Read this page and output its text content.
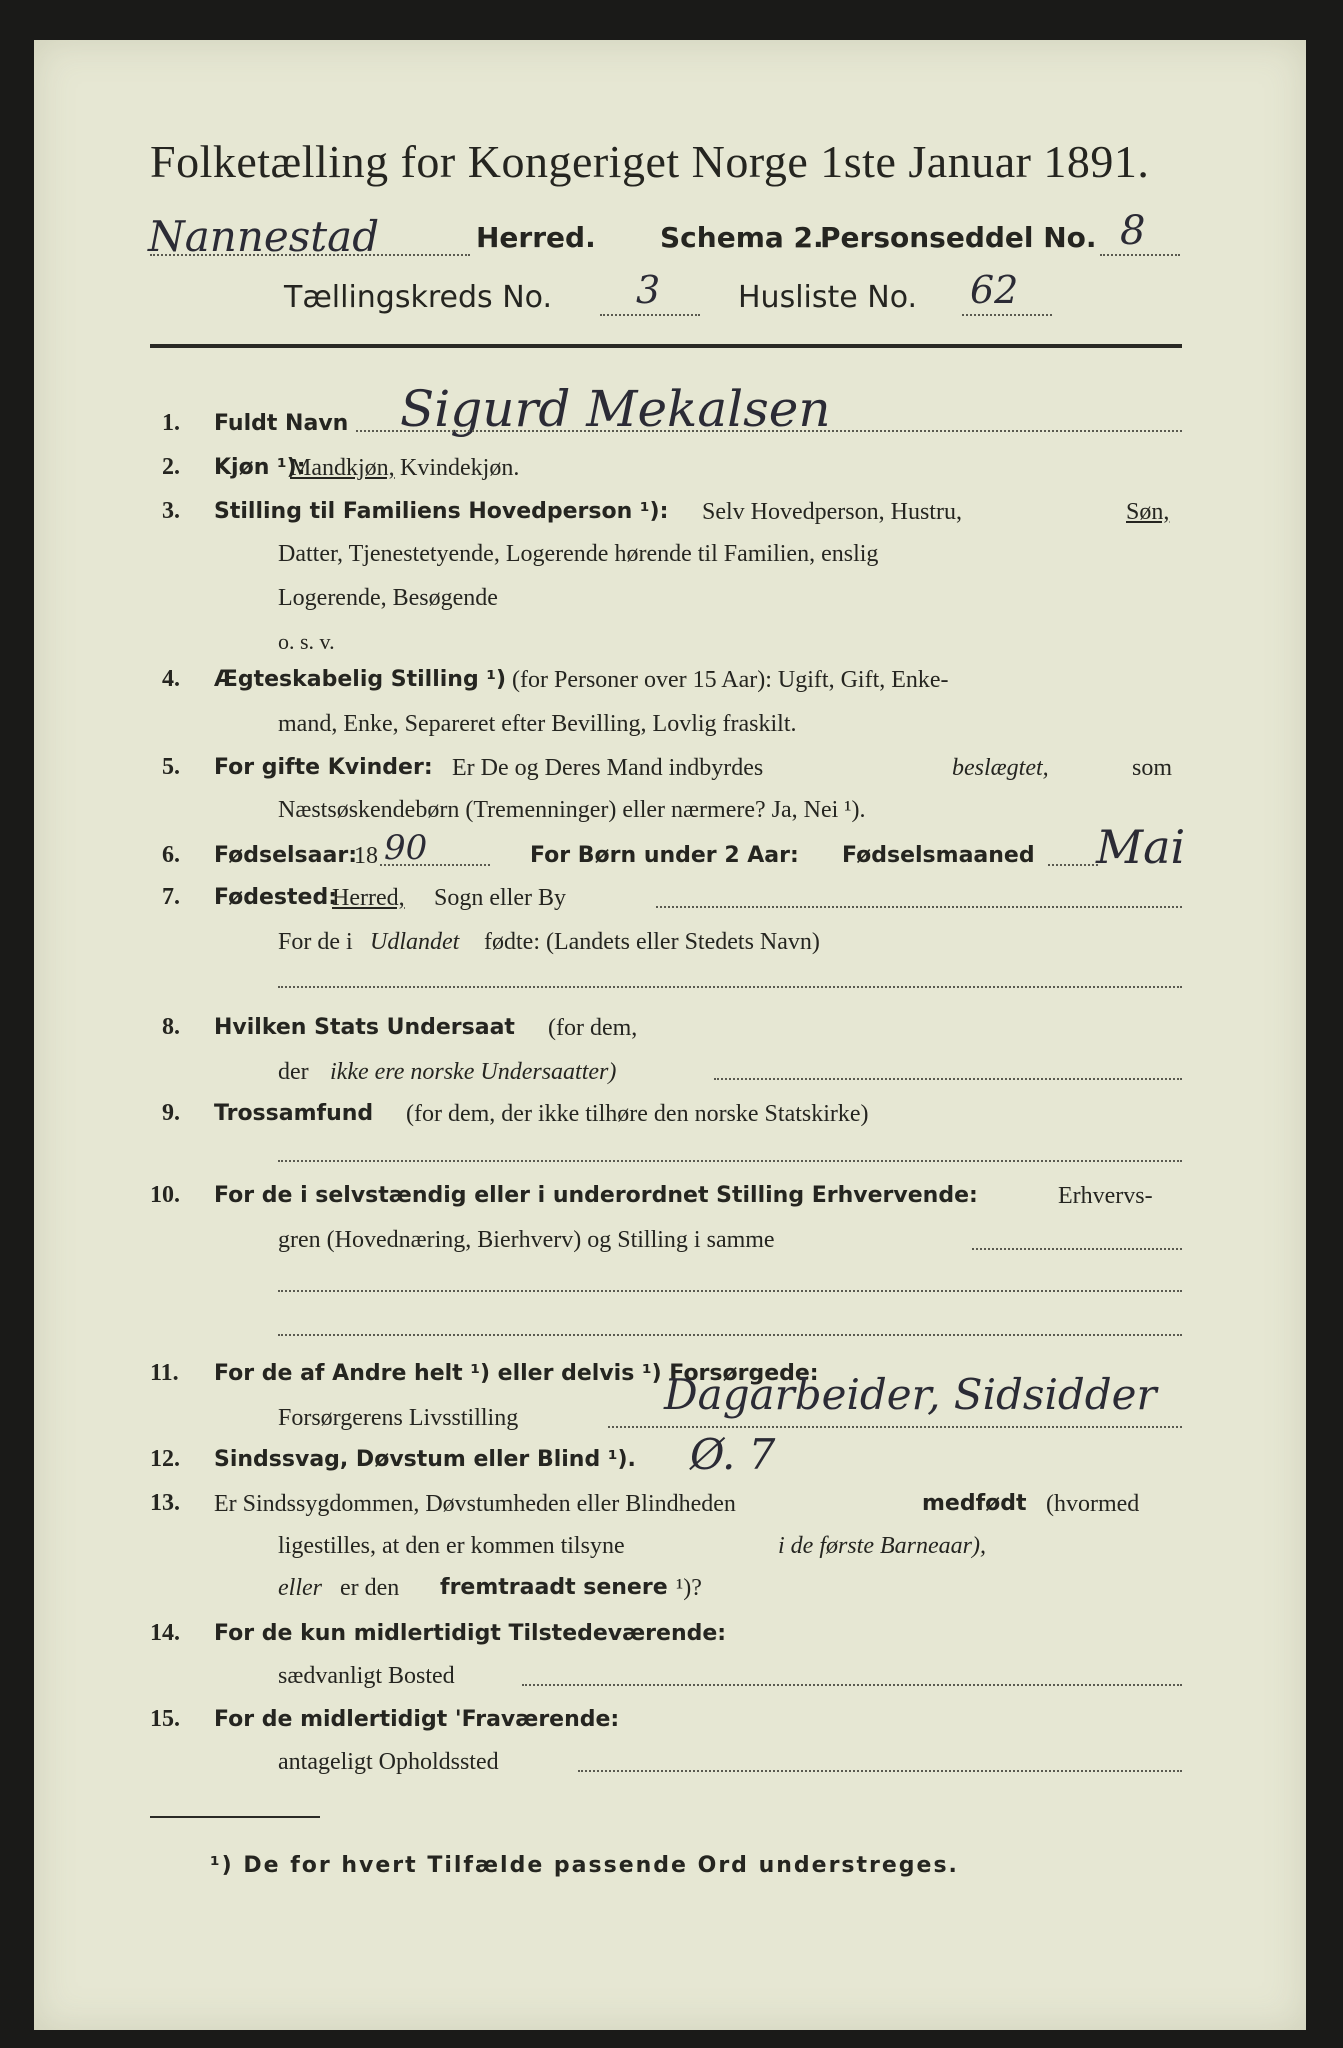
Folketælling for Kongeriget Norge 1ste Januar 1891.
Nannestad	Herred. Schema 2.
Personseddel No. 8
Tællingskreds No. 3	Husliste No. 62
1. Fuldt Navn Sigurd Mekalsen
2. Kjøn ¹):
Mandkjøn, Kvindekjøn.
3. Stilling til Familiens Hovedperson ¹): Selv Hovedperson, Hustru,	Søn,
Datter, Tjenestetyende, Logerende hørende til Familien, enslig
Logerende, Besøgende
o. s. v.
4. Ægteskabelig Stilling ¹) (for Personer over 15 Aar): Ugift, Gift, Enke-
mand, Enke, Separeret efter Bevilling, Lovlig fraskilt.
5. For gifte Kvinder: Er De og Deres Mand indbyrdes	beslægtet,	som
Næstsøskendebørn (Tremenninger) eller nærmere? Ja, Nei ¹).
6. Fødselsaar:
18 90	For Børn under 2 Aar: Fødselsmaaned Mai
7. Fødested:
Herred, Sogn eller By
For de i Udlandet fødte: (Landets eller Stedets Navn)
8. Hvilken Stats Undersaat (for dem,
der ikke ere norske Undersaatter)
9. Trossamfund (for dem, der ikke tilhøre den norske Statskirke)
10. For de i selvstændig eller i underordnet Stilling Erhvervende:	Erhvervs-
gren (Hovednæring, Bierhverv) og Stilling i samme
11. For de af Andre helt ¹) eller delvis ¹) Forsørgede:
Forsørgerens Livsstilling	Dagarbeider, Sidsidder
12. Sindssvag, Døvstum eller Blind ¹). Ø. 7
13. Er Sindssygdommen, Døvstumheden eller Blindheden	medfødt (hvormed
ligestilles, at den er kommen tilsyne	i de første Barneaar),
eller er den fremtraadt senere ¹)?
14. For de kun midlertidigt Tilstedeværende:
sædvanligt Bosted
15. For de midlertidigt 'Fraværende:
antageligt Opholdssted
¹) De for hvert Tilfælde passende Ord understreges.
